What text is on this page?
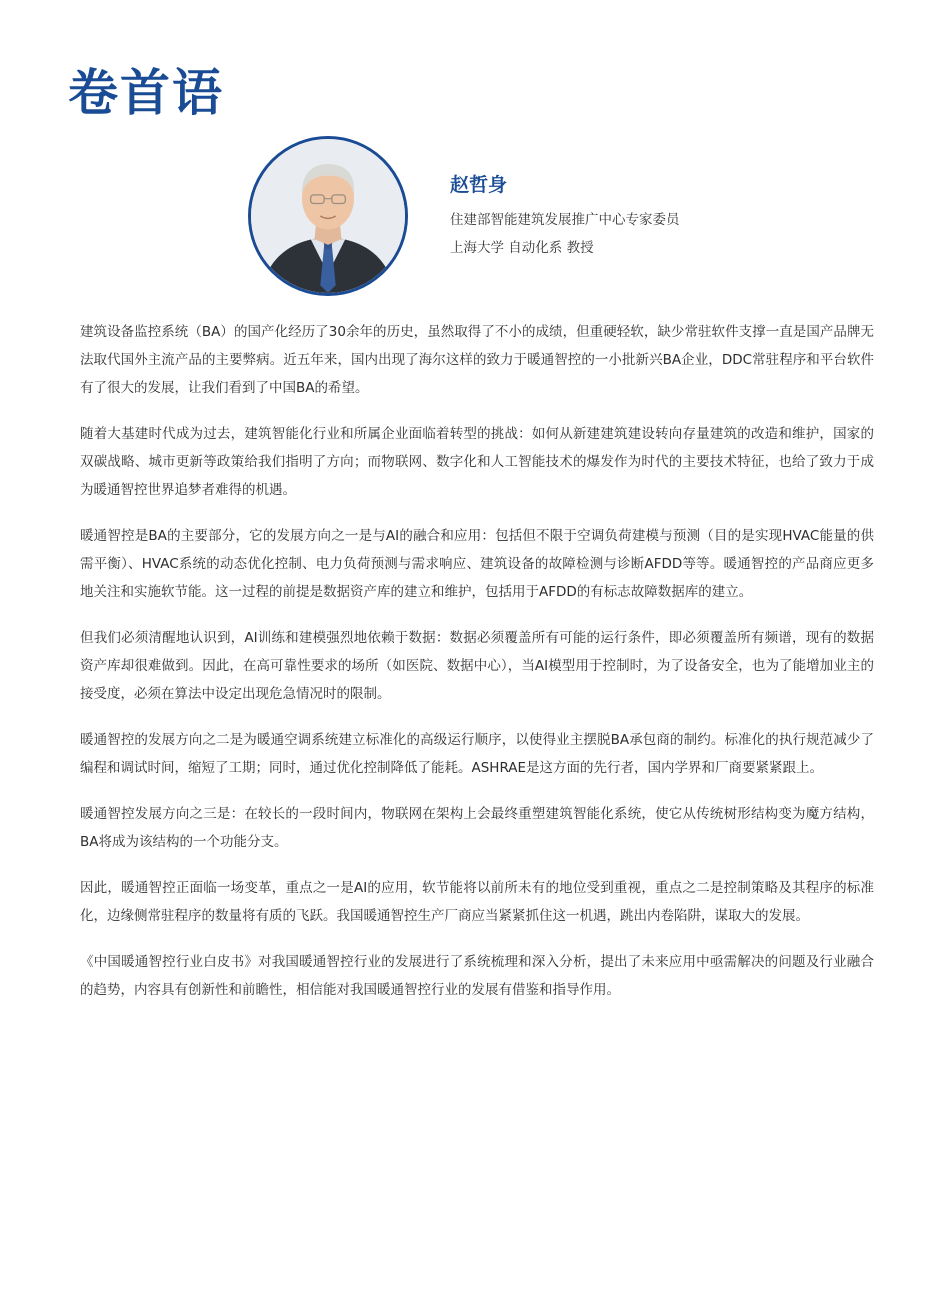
卷首语
赵哲身
住建部智能建筑发展推广中心专家委员
上海大学 自动化系 教授

建筑设备监控系统（BA）的国产化经历了30余年的历史，虽然取得了不小的成绩，但重硬轻软，缺少常驻软件支撑一直是国产品牌无法取代国外主流产品的主要弊病。近五年来，国内出现了海尔这样的致力于暖通智控的一小批新兴BA企业，DDC常驻程序和平台软件有了很大的发展，让我们看到了中国BA的希望。

随着大基建时代成为过去，建筑智能化行业和所属企业面临着转型的挑战：如何从新建建筑建设转向存量建筑的改造和维护，国家的双碳战略、城市更新等政策给我们指明了方向；而物联网、数字化和人工智能技术的爆发作为时代的主要技术特征，也给了致力于成为暖通智控世界追梦者难得的机遇。

暖通智控是BA的主要部分，它的发展方向之一是与AI的融合和应用：包括但不限于空调负荷建模与预测（目的是实现HVAC能量的供需平衡）、HVAC系统的动态优化控制、电力负荷预测与需求响应、建筑设备的故障检测与诊断AFDD等等。暖通智控的产品商应更多地关注和实施软节能。这一过程的前提是数据资产库的建立和维护，包括用于AFDD的有标志故障数据库的建立。

但我们必须清醒地认识到，AI训练和建模强烈地依赖于数据：数据必须覆盖所有可能的运行条件，即必须覆盖所有频谱，现有的数据资产库却很难做到。因此，在高可靠性要求的场所（如医院、数据中心），当AI模型用于控制时，为了设备安全，也为了能增加业主的接受度，必须在算法中设定出现危急情况时的限制。

暖通智控的发展方向之二是为暖通空调系统建立标准化的高级运行顺序，以使得业主摆脱BA承包商的制约。标准化的执行规范减少了编程和调试时间，缩短了工期；同时，通过优化控制降低了能耗。ASHRAE是这方面的先行者，国内学界和厂商要紧紧跟上。

暖通智控发展方向之三是：在较长的一段时间内，物联网在架构上会最终重塑建筑智能化系统，使它从传统树形结构变为魔方结构，BA将成为该结构的一个功能分支。

因此，暖通智控正面临一场变革，重点之一是AI的应用，软节能将以前所未有的地位受到重视，重点之二是控制策略及其程序的标准化，边缘侧常驻程序的数量将有质的飞跃。我国暖通智控生产厂商应当紧紧抓住这一机遇，跳出内卷陷阱，谋取大的发展。

《中国暖通智控行业白皮书》对我国暖通智控行业的发展进行了系统梳理和深入分析，提出了未来应用中亟需解决的问题及行业融合的趋势，内容具有创新性和前瞻性，相信能对我国暖通智控行业的发展有借鉴和指导作用。
